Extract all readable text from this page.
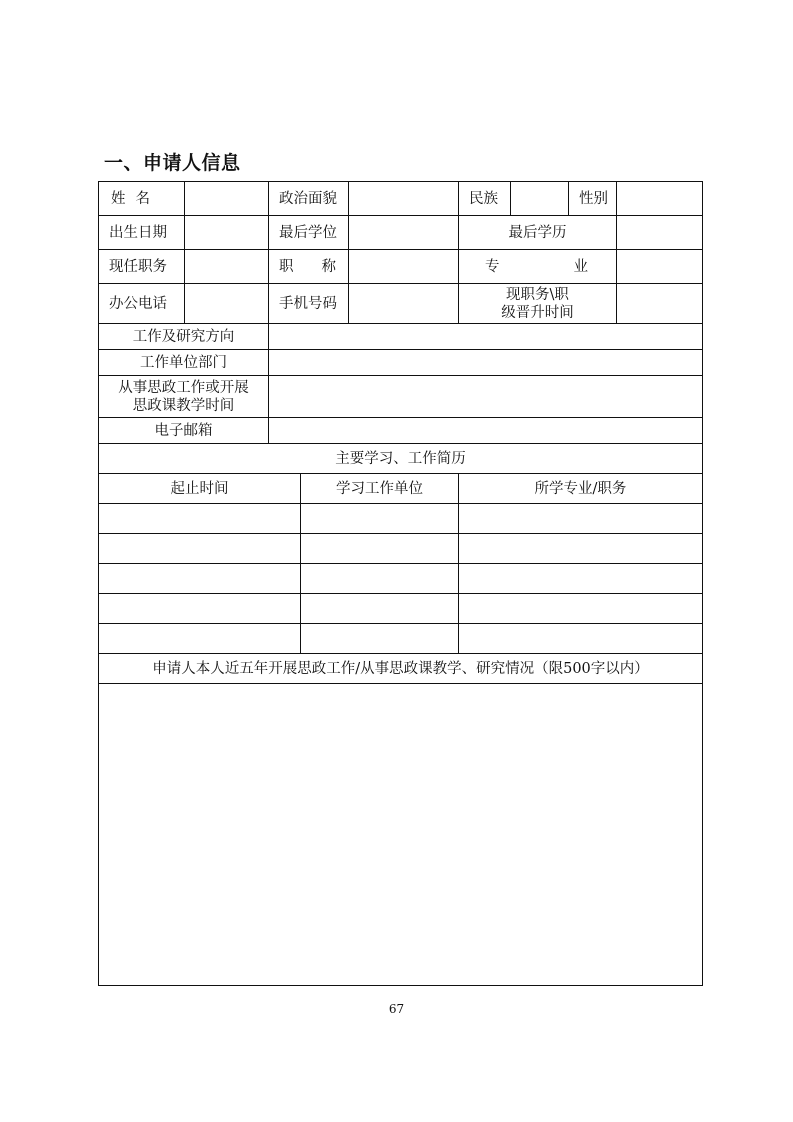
一、申请人信息
姓 名		政治面貌			民族		性别	
出生日期		最后学位			最后学历			
现任职务		职 称			专 业			

办公电话		手机号码			现职务\职
级晋升时间			

工作及研究方向								
工作单位部门								

从事思政工作或开展
思政课教学时间								

电子邮箱								
主要学习、工作简历								
起止时间			学习工作单位		所学专业/职务			

申请人本人近五年开展思政工作/从事思政课教学、研究情况（限500字以内）								

67
